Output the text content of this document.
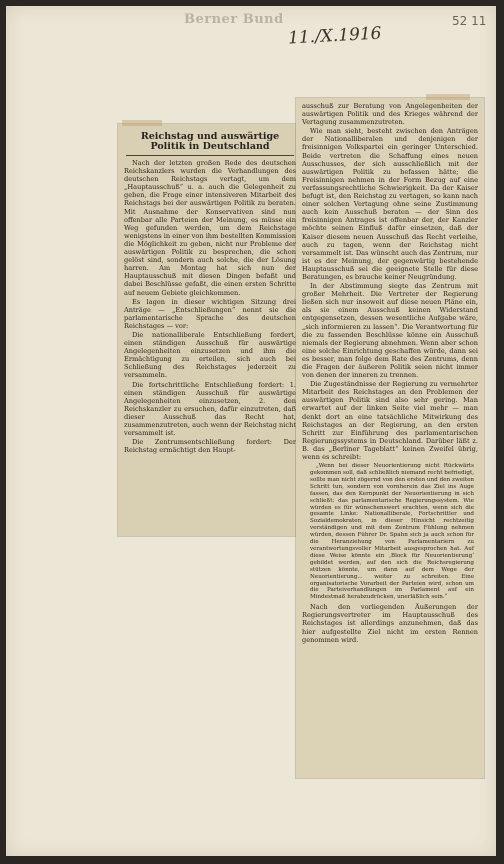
Berner Bund
11./X.1916
52 11
Reichstag und auswärtige Politik in Deutschland

Nach der letzten großen Rede des deutschen Reichskanzlers wurden die Verhandlungen des deutschen Reichstags vertagt, um dem „Hauptausschuß“ u. a. auch die Gelegenheit zu geben, die Frage einer intensiveren Mitarbeit des Reichstags bei der auswärtigen Politik zu beraten. Mit Ausnahme der Konservativen sind nun offenbar alle Parteien der Meinung, es müsse ein Weg gefunden werden, um dem Reichstage wenigstens in einer von ihm bestellten Kommission die Möglichkeit zu geben, nicht nur Probleme der auswärtigen Politik zu besprechen, die schon gelöst sind, sondern auch solche, die der Lösung harren. Am Montag hat sich nun der Hauptausschuß mit diesen Dingen befaßt und dabei Beschlüsse gefaßt, die einen ersten Schritte auf neuem Gebiete gleichkommen.

Es lagen in dieser wichtigen Sitzung drei Anträge — „Entschließungen“ nennt sie die parlamentarische Sprache des deutschen Reichstages — vor:

Die nationalliberale Entschließung fordert, einen ständigen Ausschuß für auswärtige Angelegenheiten einzusetzen und ihm die Ermächtigung zu erteilen, sich auch bei Schließung des Reichstages jederzeit zu versammeln.

Die fortschrittliche Entschließung fordert: 1. einen ständigen Ausschuß für auswärtige Angelegenheiten einzusetzen, 2. den Reichskanzler zu ersuchen, dafür einzutreten, daß dieser Ausschuß das Recht hat, zusammenzutreten, auch wenn der Reichstag nicht versammelt ist.

Die Zentrumsentschließung fordert: Der Reichstag ermächtigt den Haupt-

ausschuß zur Beratung von Angelegenheiten der auswärtigen Politik und des Krieges während der Vertagung zusammenzutreten.

Wie man sieht, besteht zwischen den Anträgen der Nationalliberalen und denjenigen der freisinnigen Volkspartei ein geringer Unterschied. Beide vertreten die Schaffung eines neuen Ausschusses, der sich ausschließlich mit der auswärtigen Politik zu befassen hätte; die Freisinnigen nehmen in der Form Bezug auf eine verfassungsrechtliche Schwierigkeit. Da der Kaiser befugt ist, den Reichstag zu vertagen, so kann nach einer solchen Vertagung ohne seine Zustimmung auch kein Ausschuß beraten — der Sinn des freisinnigen Antrages ist offenbar der, der Kanzler möchte seinen Einfluß dafür einsetzen, daß der Kaiser diesem neuen Ausschuß das Recht verleihe, auch zu tagen, wenn der Reichstag nicht versammelt ist. Das wünscht auch das Zentrum, nur ist es der Meinung, der gegenwärtig bestehende Hauptausschuß sei die geeignete Stelle für diese Beratungen, es brauche keiner Neugründung.

In der Abstimmung siegte das Zentrum mit großer Mehrheit. Die Vertreter der Regierung ließen sich nur insoweit auf diese neuen Pläne ein, als sie einem Ausschuß keinen Widerstand entgegensetzen, dessen wesentliche Aufgabe wäre, „sich informieren zu lassen“. Die Verantwortung für die zu fassenden Beschlüsse könne ein Ausschuß niemals der Regierung abnehmen. Wenn aber schon eine solche Einrichtung geschaffen würde, dann sei es besser, man folge dem Rate des Zentrums, denn die Fragen der äußeren Politik seien nicht immer von denen der inneren zu trennen.

Die Zugeständnisse der Regierung zu vermehrter Mitarbeit des Reichstages an den Problemen der auswärtigen Politik sind also sehr gering. Man erwartet auf der linken Seite viel mehr — man denkt dort an eine tatsächliche Mitwirkung des Reichstages an der Regierung, an den ersten Schritt zur Einführung des parlamentarischen Regierungssystems in Deutschland. Darüber läßt z. B. das „Berliner Tageblatt“ keinen Zweifel übrig, wenn es schreibt:

„Wenn bei dieser Neuorientierung nicht Rückwärts gekommen soll, daß schließlich niemand recht befriedigt, sollte man nicht zögernd von den ersten und den zweiten Schritt tun, sondern von vornherein das Ziel ins Auge fassen, das den Kernpunkt der Neuorientierung in sich schließt: das parlamentarische Regierungssystem. Wie würden es für wünschenswert erachten, wenn sich die gesamte Linke: Nationalliberale, Fortschrittler und Sozialdemokraten, in dieser Hinsicht rechtzeitig verständigen und mit dem Zentrum Fühlung nehmen würden, dessen Führer Dr. Spahn sich ja auch schon für die Heranziehung von Parlamentariern zu verantwortungsvoller Mitarbeit ausgesprochen hat. Auf diese Weise könnte ein ‚Block für Neuorientierung‘ gebildet werden, auf den sich die Reichsregierung stützen könnte, um dann auf dem Wege der Neuorientierung... weiter zu schreiten. Eine organisatorische Vorarbeit der Parteien wird, schon um die Parteiverhandlungen im Parlament auf ein Mindestmaß herabzudrücken, unerläßlich sein.“

Nach den vorliegenden Äußerungen der Regierungsvertreter im Hauptausschuß des Reichstages ist allerdings anzunehmen, daß das hier aufgestellte Ziel nicht im ersten Rennen genommen wird.
